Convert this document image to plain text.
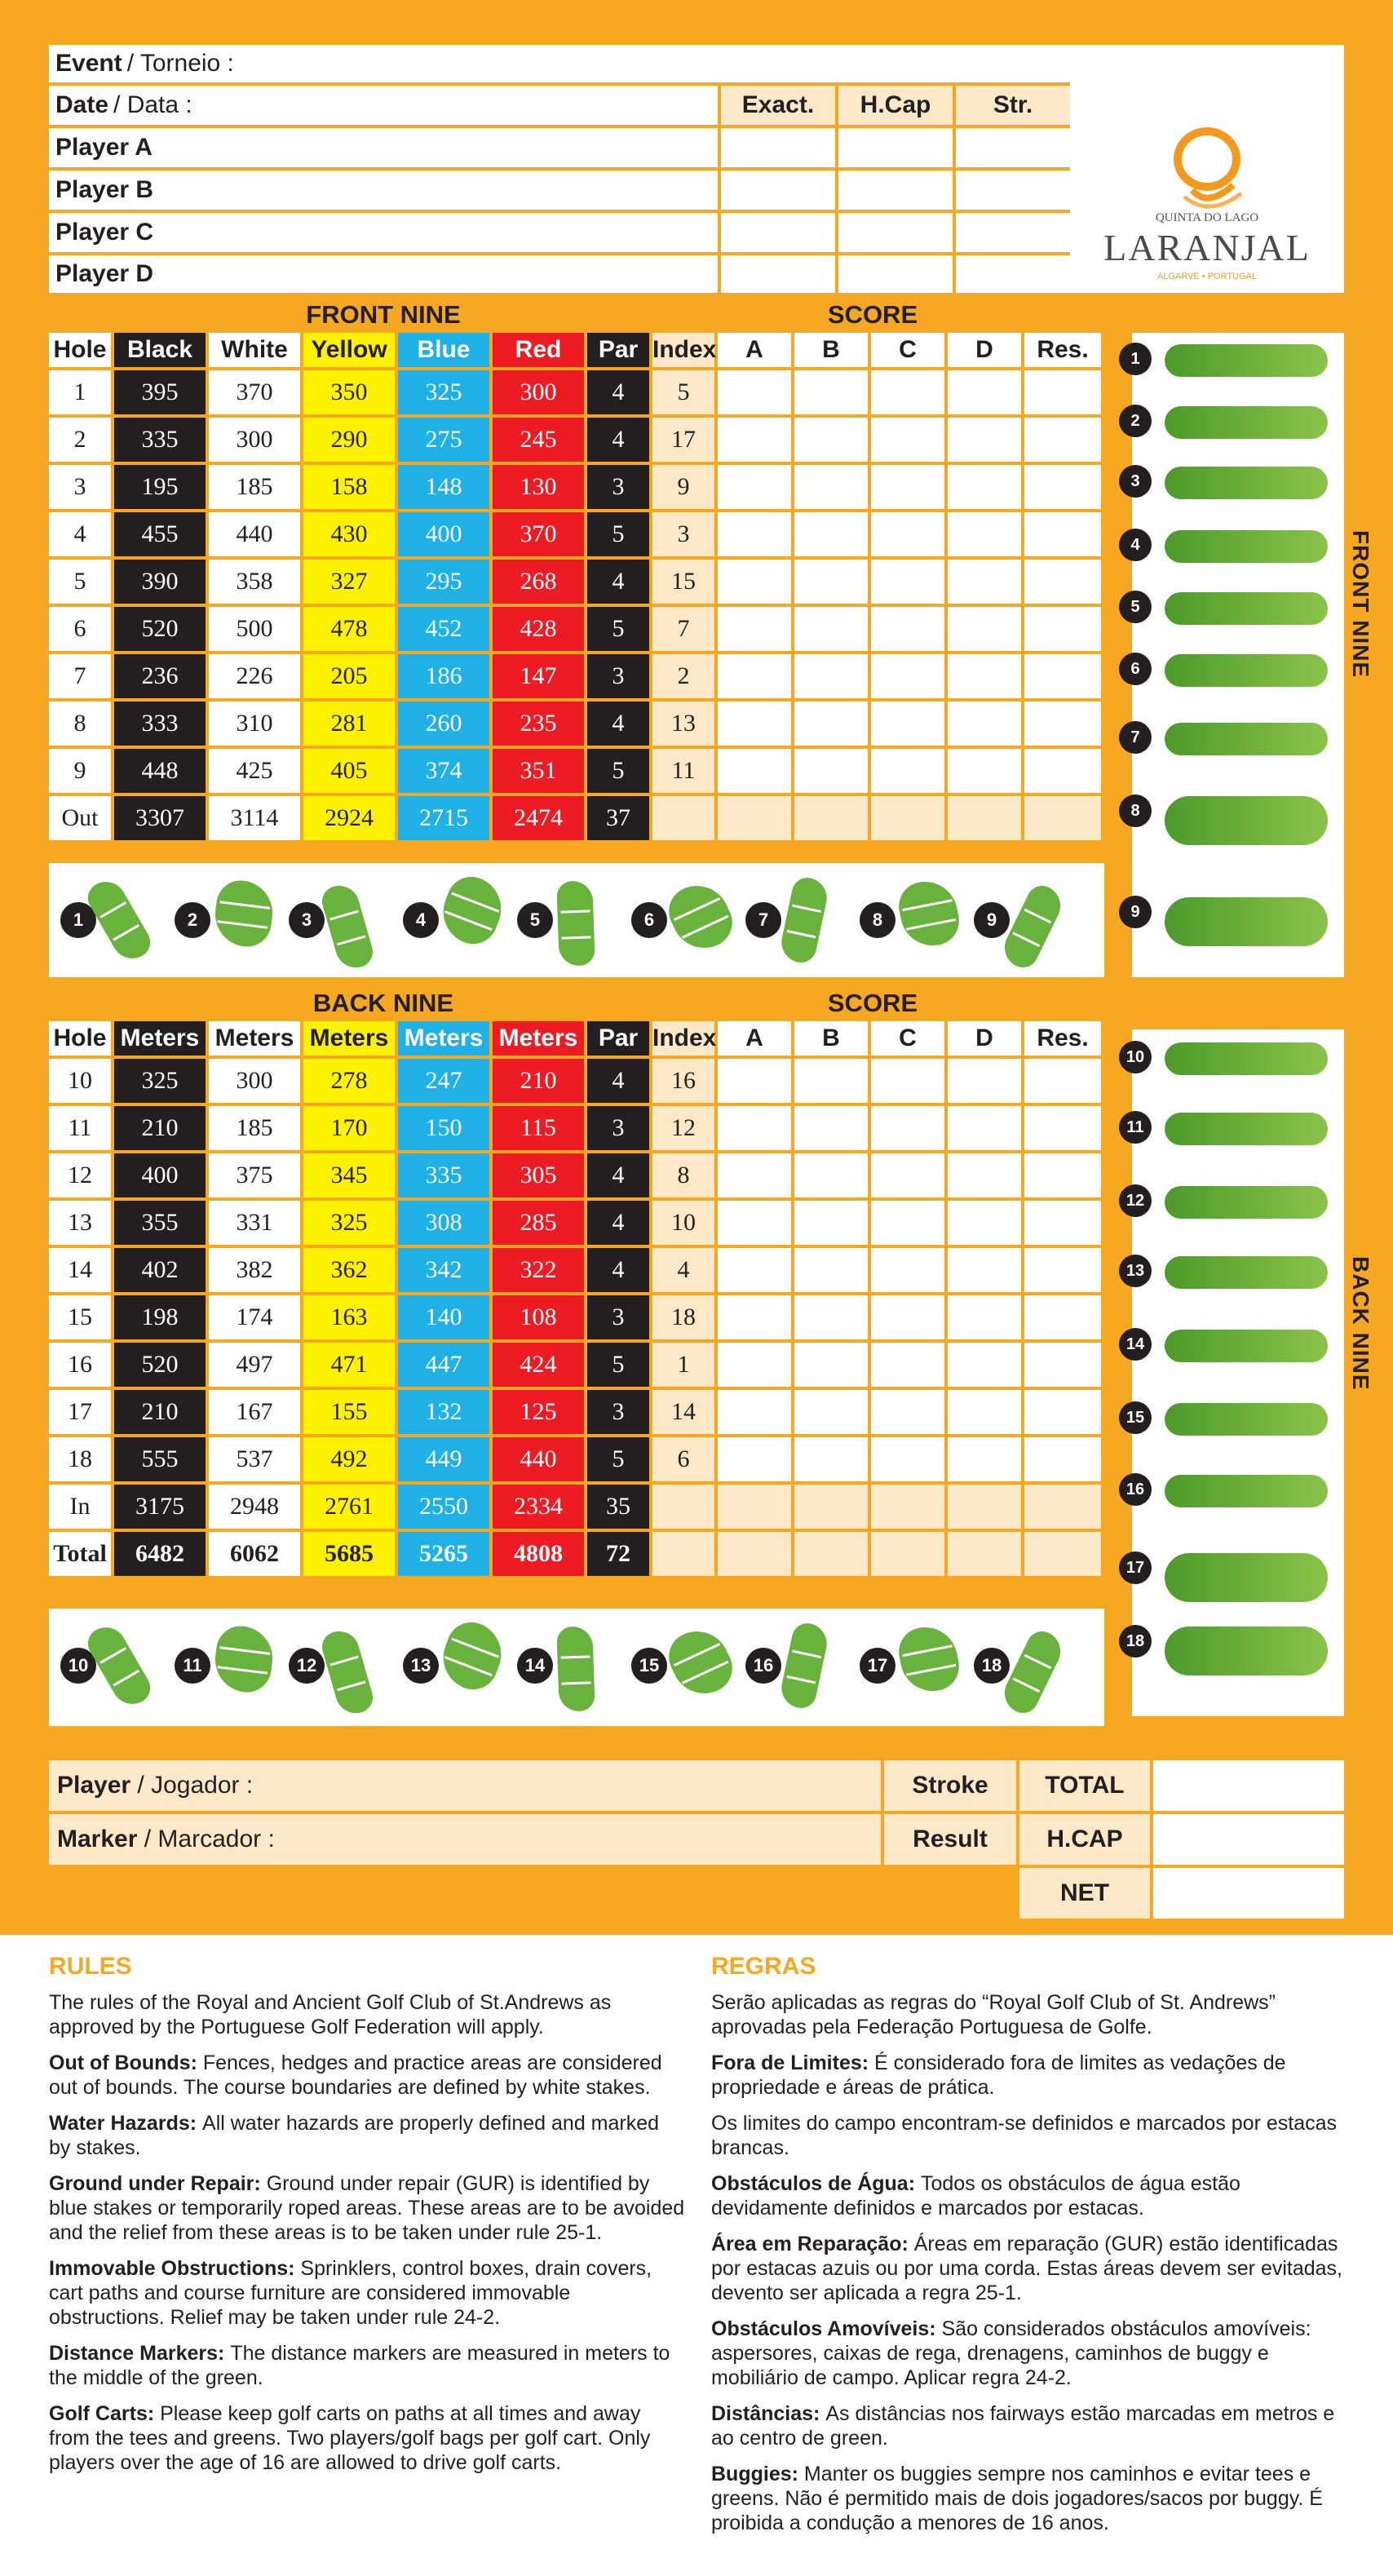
Event / Torneio :
Date / Data :	Exact.	H.Cap	Str.
Player A
Player B
Player C
Player D
QUINTA DO LAGO
LARANJAL
ALGARVE • PORTUGAL
FRONT NINE	SCORE
Hole	Black	White	Yellow	Blue	Red	Par	Index	A	B	C	D	Res.
1	395	370	350	325	300	4	5					
2	335	300	290	275	245	4	17					
3	195	185	158	148	130	3	9					
4	455	440	430	400	370	5	3					
5	390	358	327	295	268	4	15					
6	520	500	478	452	428	5	7					
7	236	226	205	186	147	3	2					
8	333	310	281	260	235	4	13					
9	448	425	405	374	351	5	11					
Out	3307	3114	2924	2715	2474	37						
1	2	3	4	5	6	7	8	9
1
2
3
4
5
6
7
8
9
FRONT NINE
BACK NINE	SCORE
Hole	Meters	Meters	Meters	Meters	Meters	Par	Index	A	B	C	D	Res.
10	325	300	278	247	210	4	16					
11	210	185	170	150	115	3	12					
12	400	375	345	335	305	4	8					
13	355	331	325	308	285	4	10					
14	402	382	362	342	322	4	4					
15	198	174	163	140	108	3	18					
16	520	497	471	447	424	5	1					
17	210	167	155	132	125	3	14					
18	555	537	492	449	440	5	6					
In	3175	2948	2761	2550	2334	35						
Total	6482	6062	5685	5265	4808	72						
10	11	12	13	14	15	16	17	18
10
11
12
13
14
15
16
17
18
BACK NINE
Player
/ Jogador :	Stroke	TOTAL
Marker
/ Marcador :	Result	H.CAP
NET
RULES

The rules of the Royal and Ancient Golf Club of St.Andrews as approved by the Portuguese Golf Federation will apply.

Out of Bounds: Fences, hedges and practice areas are considered out of bounds. The course boundaries are defined by white stakes.

Water Hazards: All water hazards are properly defined and marked by stakes.

Ground under Repair: Ground under repair (GUR) is identified by blue stakes or temporarily roped areas. These areas are to be avoided and the relief from these areas is to be taken under rule 25-1.

Immovable Obstructions: Sprinklers, control boxes, drain covers, cart paths and course furniture are considered immovable obstructions. Relief may be taken under rule 24-2.

Distance Markers: The distance markers are measured in meters to the middle of the green.

Golf Carts: Please keep golf carts on paths at all times and away from the tees and greens. Two players/golf bags per golf cart. Only players over the age of 16 are allowed to drive golf carts.

REGRAS

Serão aplicadas as regras do “Royal Golf Club of St. Andrews” aprovadas pela Federação Portuguesa de Golfe.

Fora de Limites: É considerado fora de limites as vedações de propriedade e áreas de prática.

Os limites do campo encontram-se definidos e marcados por estacas brancas.

Obstáculos de Água: Todos os obstáculos de água estão devidamente definidos e marcados por estacas.

Área em Reparação: Áreas em reparação (GUR) estão identificadas por estacas azuis ou por uma corda. Estas áreas devem ser evitadas, devento ser aplicada a regra 25-1.

Obstáculos Amovíveis: São considerados obstáculos amovíveis: aspersores, caixas de rega, drenagens, caminhos de buggy e mobiliário de campo. Aplicar regra 24-2.

Distâncias: As distâncias nos fairways estão marcadas em metros e ao centro de green.

Buggies: Manter os buggies sempre nos caminhos e evitar tees e greens. Não é permitido mais de dois jogadores/sacos por buggy. É proibida a condução a menores de 16 anos.
